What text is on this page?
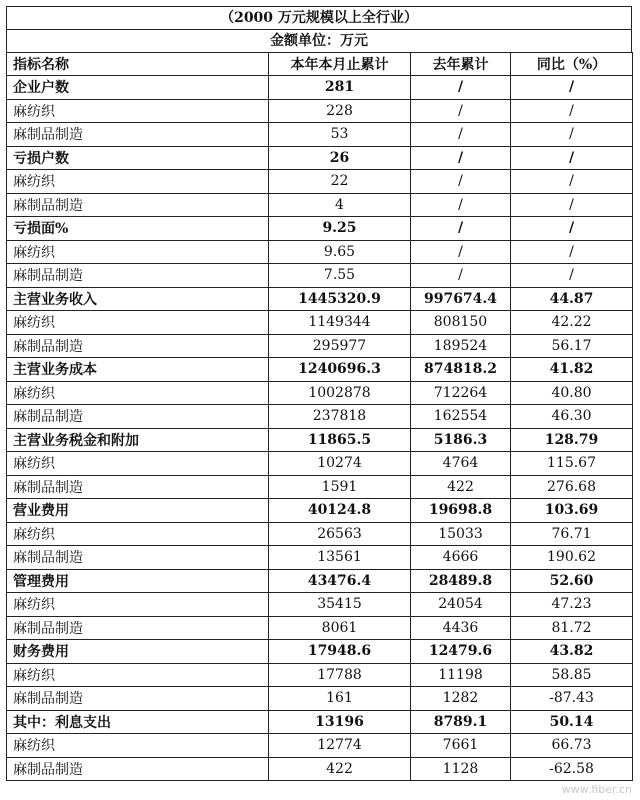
（2000 万元规模以上全行业）
金额单位：万元
指标名称	本年本月止累计	去年累计	同比（%）
企业户数	281	/	/
麻纺织	228	/	/
麻制品制造	53	/	/
亏损户数	26	/	/
麻纺织	22	/	/
麻制品制造	4	/	/
亏损面%	9.25	/	/
麻纺织	9.65	/	/
麻制品制造	7.55	/	/
主营业务收入	1445320.9	997674.4	44.87
麻纺织	1149344	808150	42.22
麻制品制造	295977	189524	56.17
主营业务成本	1240696.3	874818.2	41.82
麻纺织	1002878	712264	40.80
麻制品制造	237818	162554	46.30
主营业务税金和附加	11865.5	5186.3	128.79
麻纺织	10274	4764	115.67
麻制品制造	1591	422	276.68
营业费用	40124.8	19698.8	103.69
麻纺织	26563	15033	76.71
麻制品制造	13561	4666	190.62
管理费用	43476.4	28489.8	52.60
麻纺织	35415	24054	47.23
麻制品制造	8061	4436	81.72
财务费用	17948.6	12479.6	43.82
麻纺织	17788	11198	58.85
麻制品制造	161	1282	-87.43
其中：利息支出	13196	8789.1	50.14
麻纺织	12774	7661	66.73
麻制品制造	422	1128	-62.58
www.fiber.cn
